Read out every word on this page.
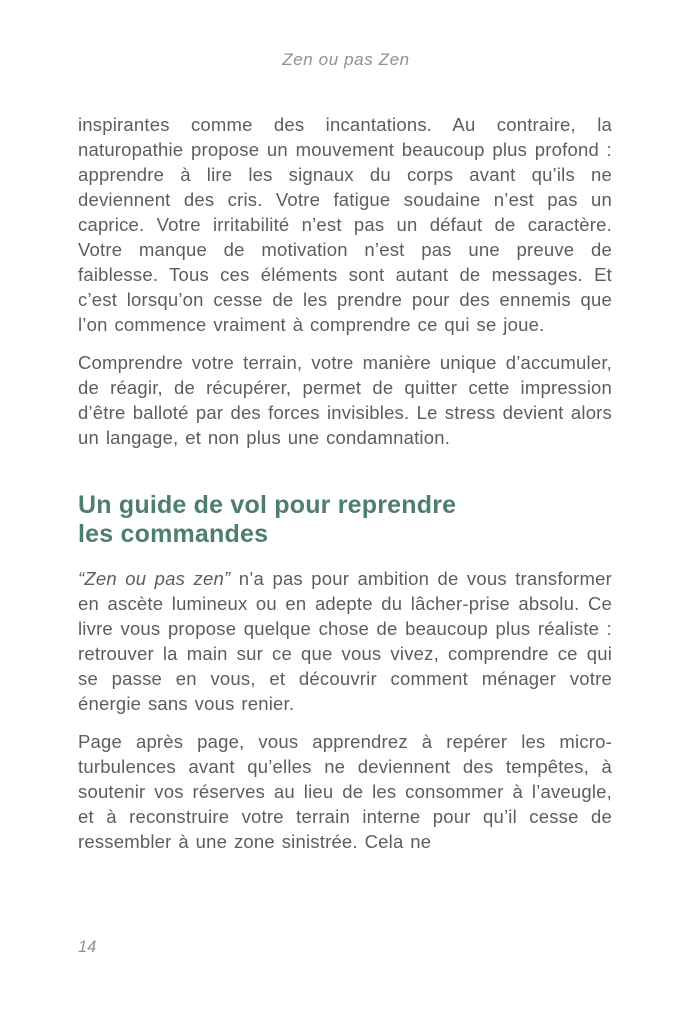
Zen ou pas Zen

inspirantes comme des incantations. Au contraire, la naturopathie propose un mouvement beaucoup plus profond : apprendre à lire les signaux du corps avant qu’ils ne deviennent des cris. Votre fatigue soudaine n’est pas un caprice. Votre irritabilité n’est pas un défaut de caractère. Votre manque de motivation n’est pas une preuve de faiblesse. Tous ces éléments sont autant de messages. Et c’est lorsqu’on cesse de les prendre pour des ennemis que l’on commence vraiment à comprendre ce qui se joue.

Comprendre votre terrain, votre manière unique d’accumuler, de réagir, de récupérer, permet de quitter cette impression d’être balloté par des forces invisibles. Le stress devient alors un langage, et non plus une condamnation.

Un guide de vol pour reprendre
les commandes

“Zen ou pas zen” n’a pas pour ambition de vous transformer en ascète lumineux ou en adepte du lâcher-prise absolu. Ce livre vous propose quelque chose de beaucoup plus réaliste : retrouver la main sur ce que vous vivez, comprendre ce qui se passe en vous, et découvrir comment ménager votre énergie sans vous renier.

Page après page, vous apprendrez à repérer les micro-turbulences avant qu’elles ne deviennent des tempêtes, à soutenir vos réserves au lieu de les consommer à l’aveugle, et à reconstruire votre terrain interne pour qu’il cesse de ressembler à une zone sinistrée. Cela ne

14
